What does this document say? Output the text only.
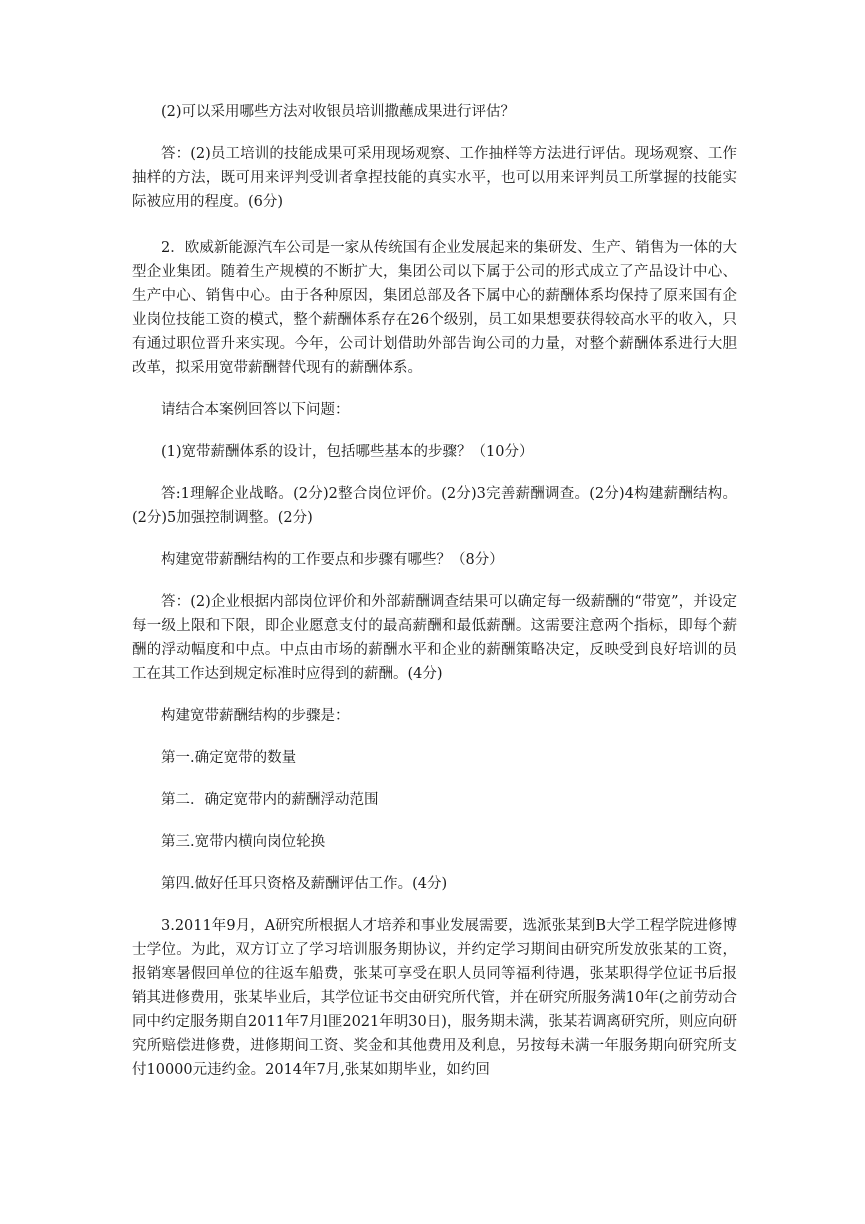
(2)可以采用哪些方法对收银员培训撒蘸成果进行评估？

答：(2)员工培训的技能成果可采用现场观察、工作抽样等方法进行评估。现场观察、工作抽样的方法，既可用来评判受训者拿捏技能的真实水平，也可以用来评判员工所掌握的技能实际被应用的程度。(6分)

2．欧威新能源汽车公司是一家从传统国有企业发展起来的集研发、生产、销售为一体的大型企业集团。随着生产规模的不断扩大，集团公司以下属于公司的形式成立了产品设计中心、生产中心、销售中心。由于各种原因，集团总部及各下属中心的薪酬体系均保持了原来国有企业岗位技能工资的模式，整个薪酬体系存在26个级别，员工如果想要获得较高水平的收入，只有通过职位晋升来实现。今年，公司计划借助外部告询公司的力量，对整个薪酬体系进行大胆改革，拟采用宽带薪酬替代现有的薪酬体系。

请结合本案例回答以下问题：

(1)宽带薪酬体系的设计，包括哪些基本的步骤？（10分）

答:1理解企业战略。(2分)2整合岗位评价。(2分)3完善薪酬调查。(2分)4构建薪酬结构。(2分)5加强控制调整。(2分)

构建宽带薪酬结构的工作要点和步骤有哪些？（8分）

答：(2)企业根据内部岗位评价和外部薪酬调查结果可以确定每一级薪酬的“带宽”，并设定每一级上限和下限，即企业愿意支付的最高薪酬和最低薪酬。这需要注意两个指标，即每个薪酬的浮动幅度和中点。中点由市场的薪酬水平和企业的薪酬策略决定，反映受到良好培训的员工在其工作达到规定标准时应得到的薪酬。(4分)

构建宽带薪酬结构的步骤是：

第一.确定宽带的数量

第二．确定宽带内的薪酬浮动范围

第三.宽带内横向岗位轮换

第四.做好任耳只资格及薪酬评估工作。(4分)

3.2011年9月，A研究所根据人才培养和事业发展需要，选派张某到B大学工程学院进修博士学位。为此，双方订立了学习培训服务期协议，并约定学习期间由研究所发放张某的工资，报销寒暑假回单位的往返车船费，张某可享受在职人员同等福利待遇，张某职得学位证书后报销其进修费用，张某毕业后，其学位证书交由研究所代管，并在研究所服务满10年(之前劳动合同中约定服务期自2011年7月l匪2021年明30日)，服务期未满，张某若调离研究所，则应向研究所赔偿进修费，进修期间工资、奖金和其他费用及利息，另按每未满一年服务期向研究所支付10000元违约金。2014年7月,张某如期毕业，如约回
